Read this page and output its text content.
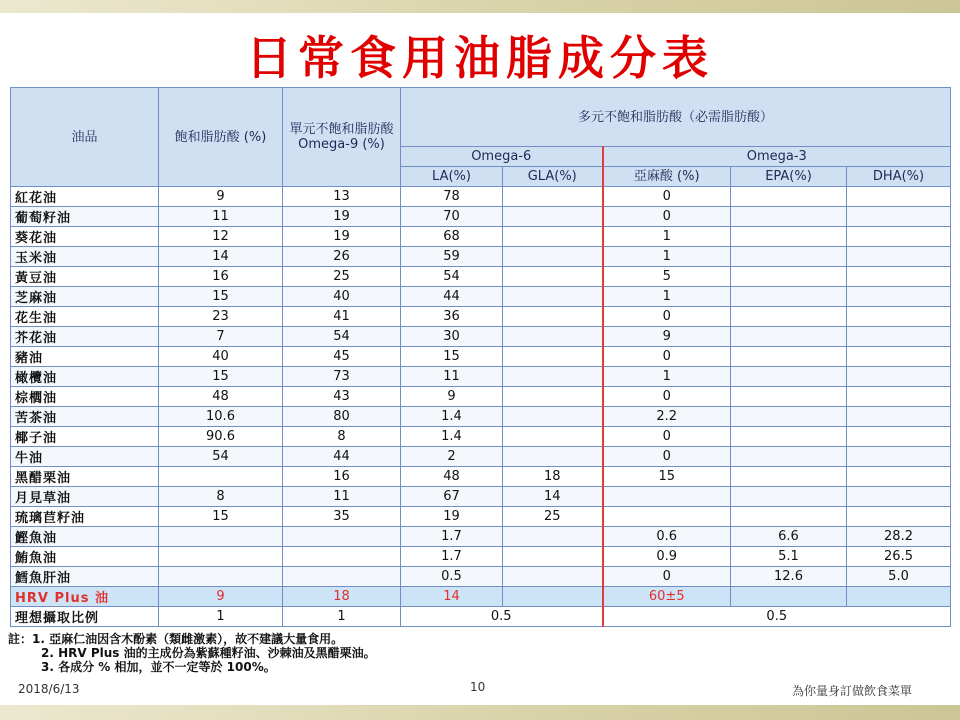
日常食用油脂成分表
油品	飽和脂肪酸 (%)	單元不飽和脂肪酸 Omega-9 (%)	多元不飽和脂肪酸（必需脂肪酸）				
			Omega-6		Omega-3		
			LA(%)	GLA(%)	亞麻酸 (%)	EPA(%)	DHA(%)
紅花油	9	13	78		0		
葡萄籽油	11	19	70		0		
葵花油	12	19	68		1		
玉米油	14	26	59		1		
黃豆油	16	25	54		5		
芝麻油	15	40	44		1		
花生油	23	41	36		0		
芥花油	7	54	30		9		
豬油	40	45	15		0		
橄欖油	15	73	11		1		
棕櫚油	48	43	9		0		
苦茶油	10.6	80	1.4		2.2		
椰子油	90.6	8	1.4		0		
牛油	54	44	2		0		
黑醋栗油		16	48	18	15		
月見草油	8	11	67	14			
琉璃苣籽油	15	35	19	25			
鰹魚油			1.7		0.6	6.6	28.2
鮪魚油			1.7		0.9	5.1	26.5
鱈魚肝油			0.5		0	12.6	5.0
HRV Plus 油	9	18	14		60±5		
理想攝取比例	1	1	0.5		0.5		
註：1. 亞麻仁油因含木酚素（類雌激素），故不建議大量食用。
2. HRV Plus 油的主成份為紫蘇種籽油、沙棘油及黑醋栗油。
3. 各成分 % 相加，並不一定等於 100%。
2018/6/13	10	為你量身訂做飲食菜單
